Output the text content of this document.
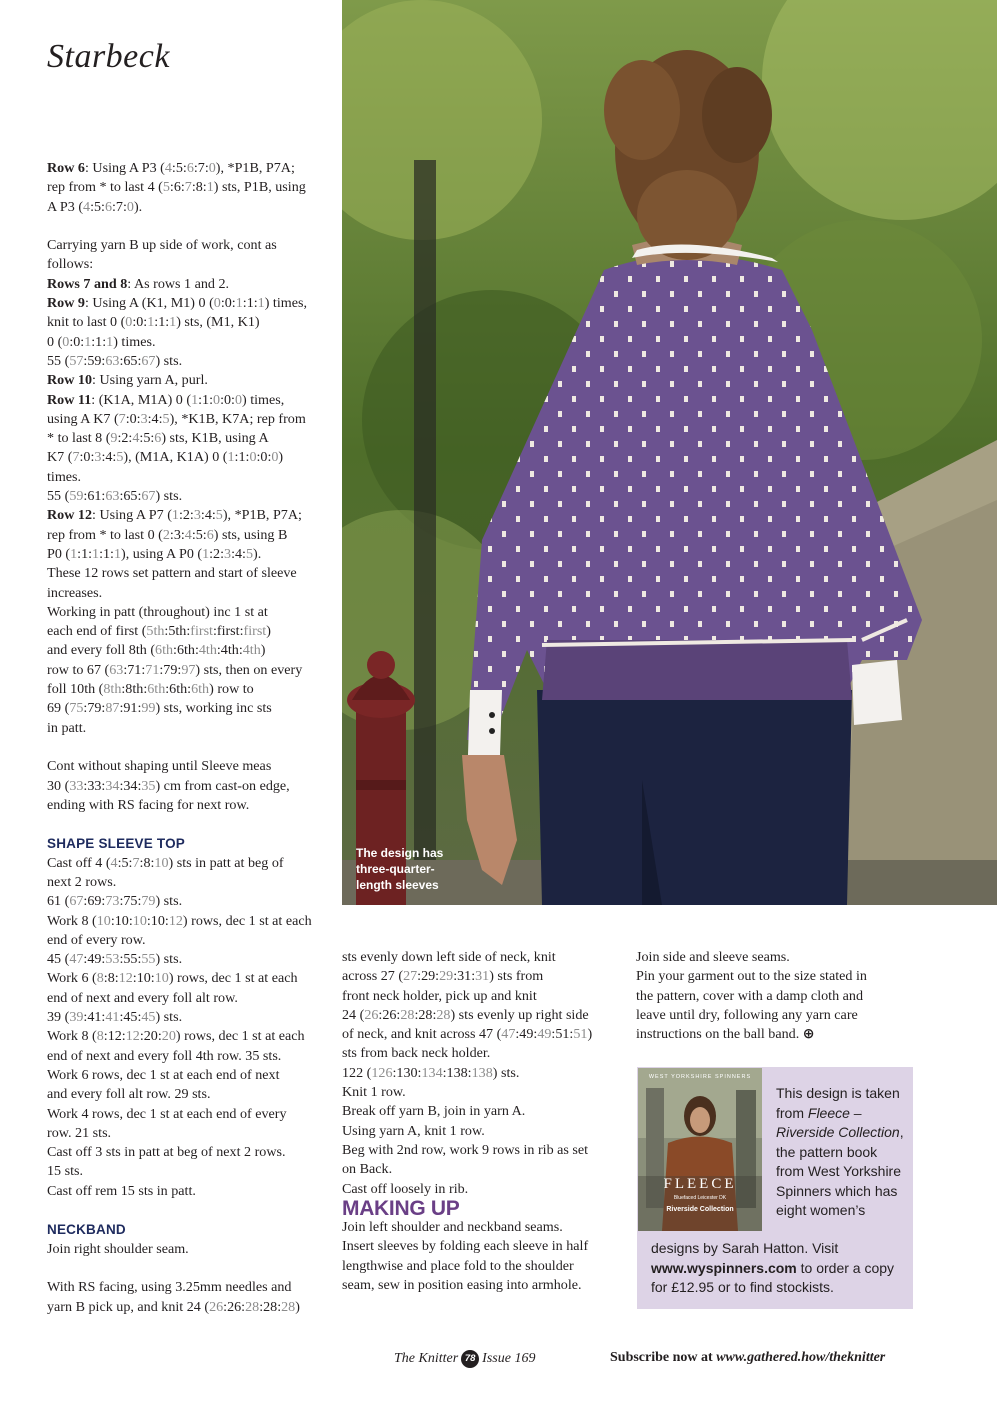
Starbeck

Row 6: Using A P3 (4:5:6:7:0), *P1B, P7A;

rep from * to last 4 (5:6:7:8:1) sts, P1B, using

A P3 (4:5:6:7:0).

Carrying yarn B up side of work, cont as

follows:

Rows 7 and 8: As rows 1 and 2.

Row 9: Using A (K1, M1) 0 (0:0:1:1:1) times,

knit to last 0 (0:0:1:1:1) sts, (M1, K1)

0 (0:0:1:1:1) times.

55 (57:59:63:65:67) sts.

Row 10: Using yarn A, purl.

Row 11: (K1A, M1A) 0 (1:1:0:0:0) times,

using A K7 (7:0:3:4:5), *K1B, K7A; rep from

* to last 8 (9:2:4:5:6) sts, K1B, using A

K7 (7:0:3:4:5), (M1A, K1A) 0 (1:1:0:0:0)

times.

55 (59:61:63:65:67) sts.

Row 12: Using A P7 (1:2:3:4:5), *P1B, P7A;

rep from * to last 0 (2:3:4:5:6) sts, using B

P0 (1:1:1:1:1), using A P0 (1:2:3:4:5).

These 12 rows set pattern and start of sleeve

increases.

Working in patt (throughout) inc 1 st at

each end of first (5th:5th:first:first:first)

and every foll 8th (6th:6th:4th:4th:4th)

row to 67 (63:71:71:79:97) sts, then on every

foll 10th (8th:8th:6th:6th:6th) row to

69 (75:79:87:91:99) sts, working inc sts

in patt.

Cont without shaping until Sleeve meas

30 (33:33:34:34:35) cm from cast-on edge,

ending with RS facing for next row.

SHAPE SLEEVE TOP

Cast off 4 (4:5:7:8:10) sts in patt at beg of

next 2 rows.

61 (67:69:73:75:79) sts.

Work 8 (10:10:10:10:12) rows, dec 1 st at each

end of every row.

45 (47:49:53:55:55) sts.

Work 6 (8:8:12:10:10) rows, dec 1 st at each

end of next and every foll alt row.

39 (39:41:41:45:45) sts.

Work 8 (8:12:12:20:20) rows, dec 1 st at each

end of next and every foll 4th row. 35 sts.

Work 6 rows, dec 1 st at each end of next

and every foll alt row. 29 sts.

Work 4 rows, dec 1 st at each end of every

row. 21 sts.

Cast off 3 sts in patt at beg of next 2 rows.

15 sts.

Cast off rem 15 sts in patt.

NECKBAND

Join right shoulder seam.

With RS facing, using 3.25mm needles and

yarn B pick up, and knit 24 (26:26:28:28:28)

The design has three-quarter-length sleeves

sts evenly down left side of neck, knit

across 27 (27:29:29:31:31) sts from

front neck holder, pick up and knit

24 (26:26:28:28:28) sts evenly up right side

of neck, and knit across 47 (47:49:49:51:51)

sts from back neck holder.

122 (126:130:134:138:138) sts.

Knit 1 row.

Break off yarn B, join in yarn A.

Using yarn A, knit 1 row.

Beg with 2nd row, work 9 rows in rib as set

on Back.

Cast off loosely in rib.

MAKING UP

Join left shoulder and neckband seams.

Insert sleeves by folding each sleeve in half

lengthwise and place fold to the shoulder

seam, sew in position easing into armhole.

Join side and sleeve seams.

Pin your garment out to the size stated in

the pattern, cover with a damp cloth and

leave until dry, following any yarn care

instructions on the ball band. ⊕

WEST YORKSHIRE SPINNERS
FLEECE
Bluefaced Leicester DK
Riverside Collection
This design is taken from Fleece – Riverside Collection, the pattern book from West Yorkshire Spinners which has eight women’s
designs by Sarah Hatton. Visit www.wyspinners.com to order a copy for £12.95 or to find stockists.
The Knitter 78 Issue 169	Subscribe now at www.gathered.how/theknitter
